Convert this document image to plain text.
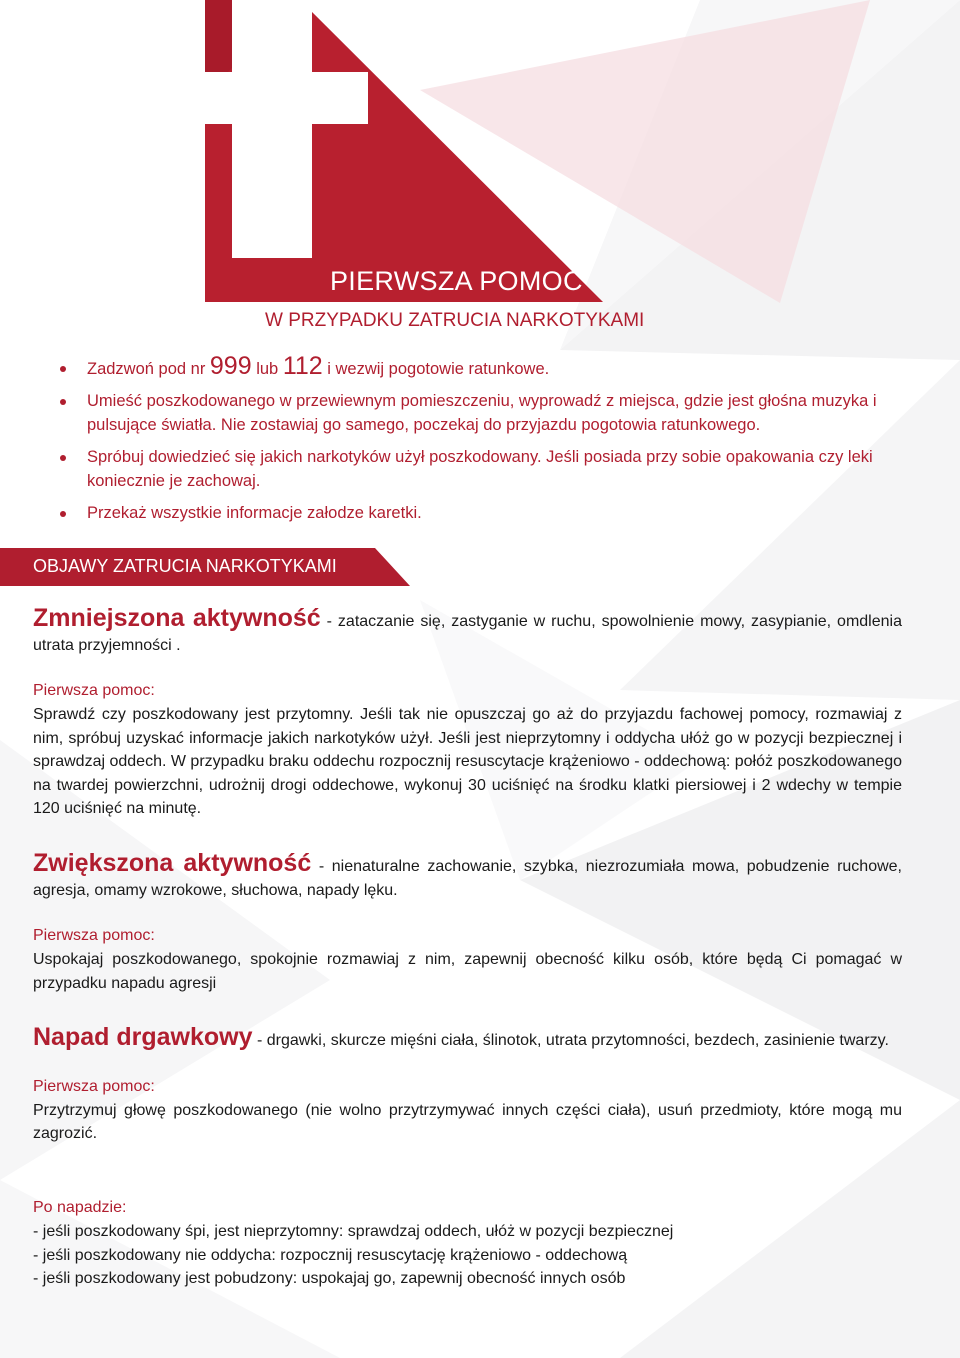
PIERWSZA POMOC
W PRZYPADKU ZATRUCIA NARKOTYKAMI
Zadzwoń pod nr 999 lub 112 i wezwij pogotowie ratunkowe.
Umieść poszkodowanego w przewiewnym pomieszczeniu, wyprowadź z miejsca, gdzie jest głośna muzyka i pulsujące światła. Nie zostawiaj go samego, poczekaj do przyjazdu pogotowia ratunkowego.
Spróbuj dowiedzieć się jakich narkotyków użył poszkodowany. Jeśli posiada przy sobie opakowania czy leki koniecznie je zachowaj.
Przekaż wszystkie informacje załodze karetki.
OBJAWY ZATRUCIA NARKOTYKAMI

Zmniejszona aktywność - zataczanie się, zastyganie w ruchu, spowolnienie mowy, zasypianie, omdlenia utrata przyjemności .

Pierwsza pomoc:

Sprawdź czy poszkodowany jest przytomny. Jeśli tak nie opuszczaj go aż do przyjazdu fachowej pomocy, rozmawiaj z nim, spróbuj uzyskać informacje jakich narkotyków użył. Jeśli jest nieprzytomny i oddycha ułóż go w pozycji bezpiecznej i sprawdzaj oddech. W przypadku braku oddechu rozpocznij resuscytacje krążeniowo - oddechową: połóż poszkodowanego na twardej powierzchni, udrożnij drogi oddechowe, wykonuj 30 uciśnięć na środku klatki piersiowej i 2 wdechy w tempie 120 uciśnięć na minutę.

Zwiększona aktywność - nienaturalne zachowanie, szybka, niezrozumiała mowa, pobudzenie ruchowe, agresja, omamy wzrokowe, słuchowa, napady lęku.

Pierwsza pomoc:

Uspokajaj poszkodowanego, spokojnie rozmawiaj z nim, zapewnij obecność kilku osób, które będą Ci pomagać w przypadku napadu agresji

Napad drgawkowy - drgawki, skurcze mięśni ciała, ślinotok, utrata przytomności, bezdech, zasinienie twarzy.

Pierwsza pomoc:

Przytrzymuj głowę poszkodowanego (nie wolno przytrzymywać innych części ciała), usuń przedmioty, które mogą mu zagrozić.

Po napadzie:

- jeśli poszkodowany śpi, jest nieprzytomny: sprawdzaj oddech, ułóż w pozycji bezpiecznej

- jeśli poszkodowany nie oddycha: rozpocznij resuscytację krążeniowo - oddechową

- jeśli poszkodowany jest pobudzony: uspokajaj go, zapewnij obecność innych osób
